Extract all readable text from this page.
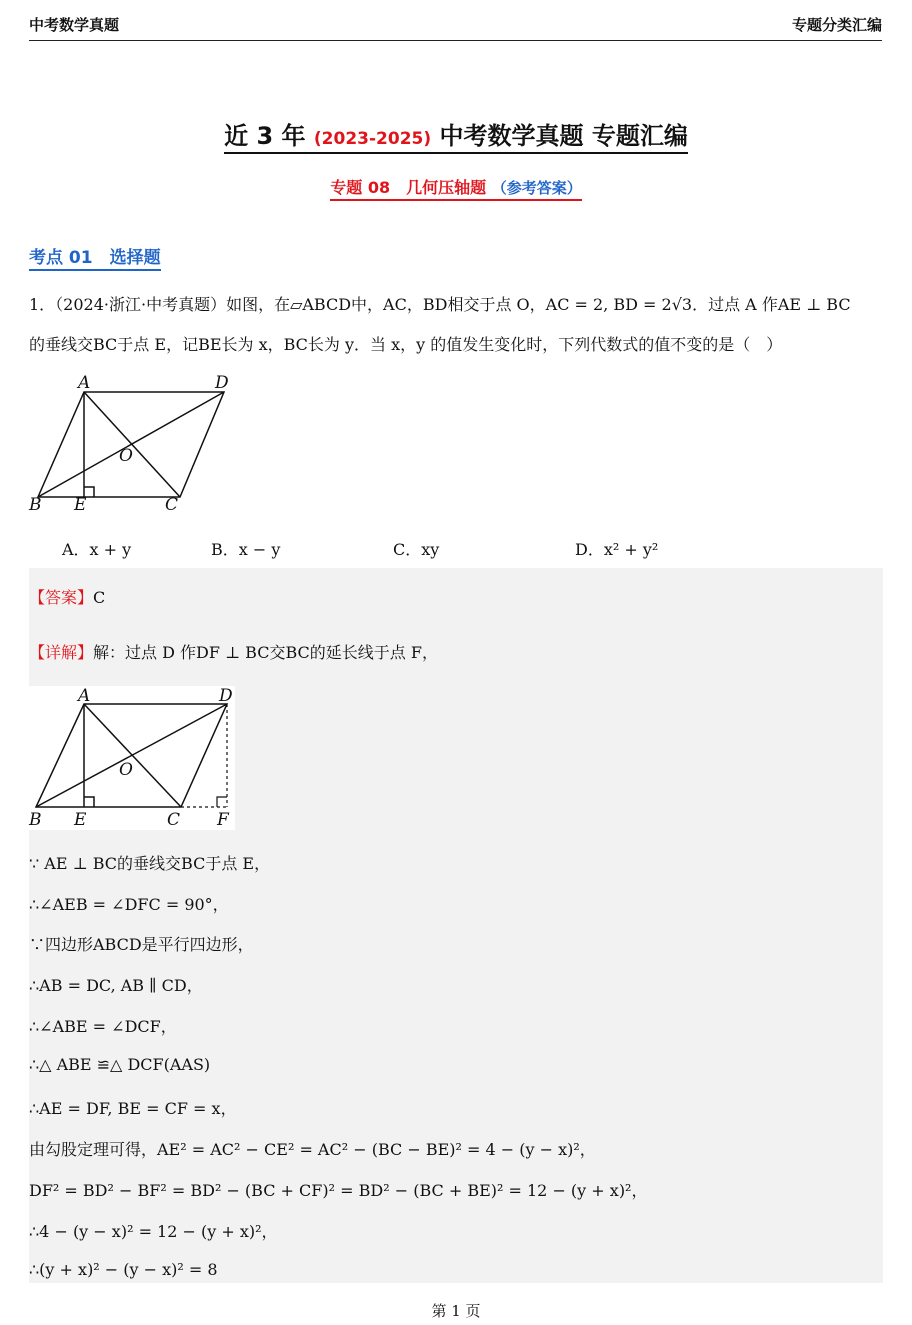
中考数学真题	专题分类汇编
近 3 年 (2023-2025) 中考数学真题 专题汇编
专题 08　几何压轴题 （参考答案）
考点 01　选择题
1．（2024·浙江·中考真题）如图，在▱ABCD中，AC，BD相交于点 O，AC = 2, BD = 2√3．过点 A 作AE ⊥ BC
的垂线交BC于点 E，记BE长为 x，BC长为 y．当 x，y 的值发生变化时，下列代数式的值不变的是（　）
A	D
O
B E	C
A．x + y	B．x − y	C．xy	D．x² + y²
【答案】C
【详解】解：过点 D 作DF ⊥ BC交BC的延长线于点 F，
A	D
O
B E	C F
∵ AE ⊥ BC的垂线交BC于点 E，
∴∠AEB = ∠DFC = 90°，
∵四边形ABCD是平行四边形，
∴AB = DC, AB ∥ CD，
∴∠ABE = ∠DCF，
∴△ ABE ≌△ DCF(AAS)
∴AE = DF, BE = CF = x，
由勾股定理可得，AE² = AC² − CE² = AC² − (BC − BE)² = 4 − (y − x)²，
DF² = BD² − BF² = BD² − (BC + CF)² = BD² − (BC + BE)² = 12 − (y + x)²，
∴4 − (y − x)² = 12 − (y + x)²，
∴(y + x)² − (y − x)² = 8
第 1 页
